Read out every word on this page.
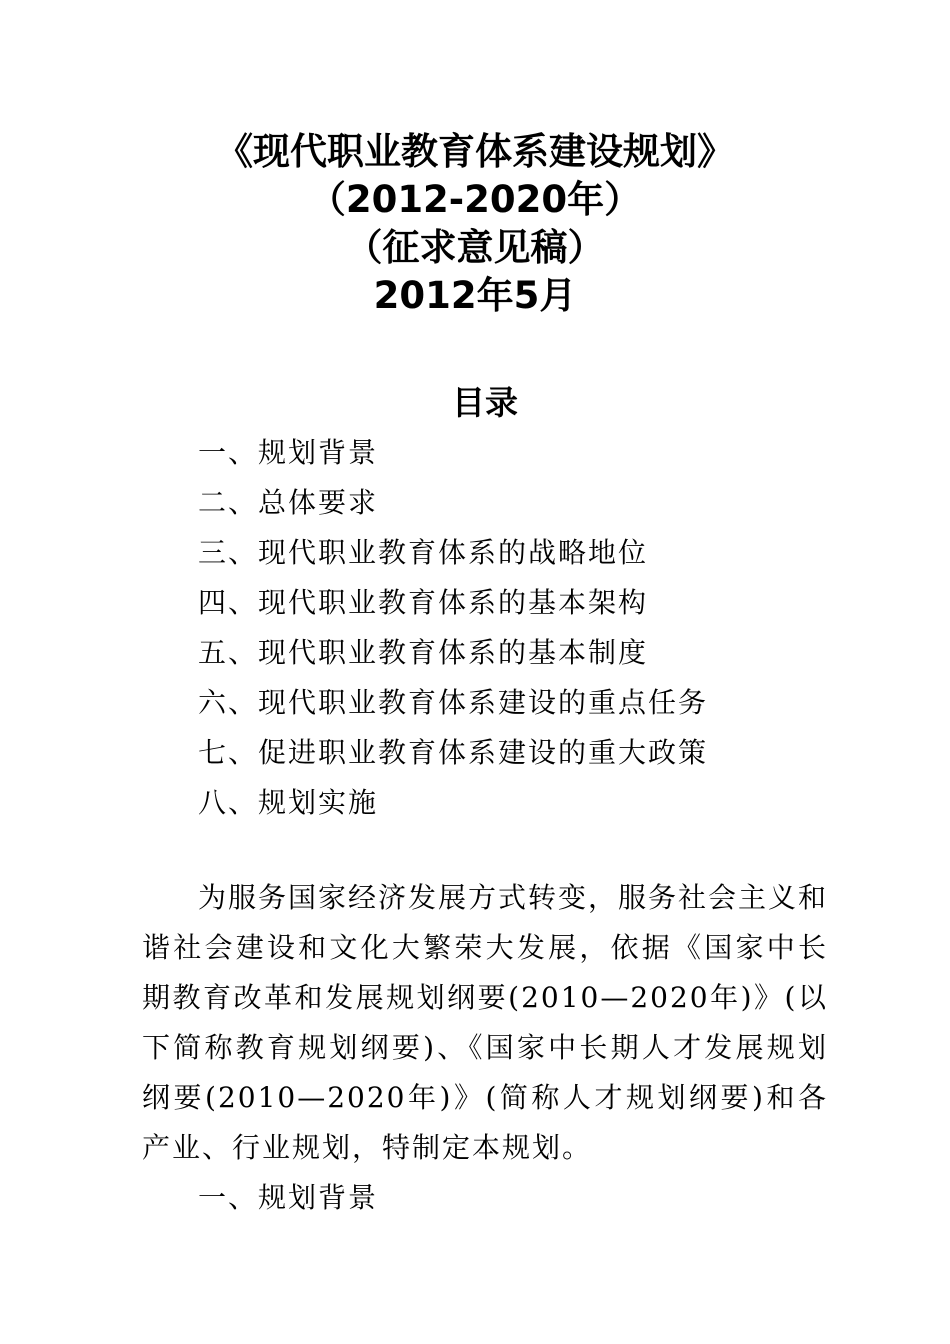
《现代职业教育体系建设规划》
（2012-2020年）
（征求意见稿）
2012年5月
目录
一、规划背景
二、总体要求
三、现代职业教育体系的战略地位
四、现代职业教育体系的基本架构
五、现代职业教育体系的基本制度
六、现代职业教育体系建设的重点任务
七、促进职业教育体系建设的重大政策
八、规划实施

为服务国家经济发展方式转变，服务社会主义和谐社会建设和文化大繁荣大发展，依据《国家中长期教育改革和发展规划纲要(2010—2020年)》(以下简称教育规划纲要)、《国家中长期人才发展规划纲要(2010—2020年)》(简称人才规划纲要)和各产业、行业规划，特制定本规划。

一、规划背景
